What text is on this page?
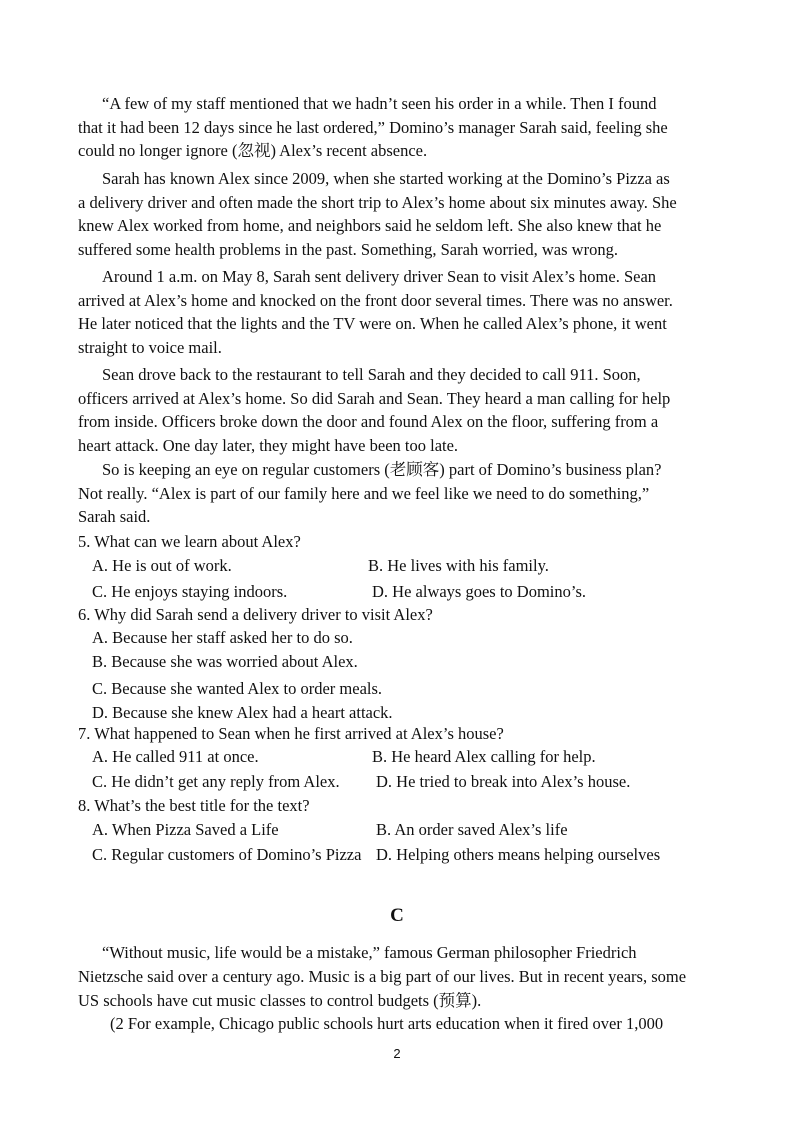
“A few of my staff mentioned that we hadn’t seen his order in a while. Then I found
that it had been 12 days since he last ordered,” Domino’s manager Sarah said, feeling she
could no longer ignore (忽视) Alex’s recent absence.
Sarah has known Alex since 2009, when she started working at the Domino’s Pizza as
a delivery driver and often made the short trip to Alex’s home about six minutes away. She
knew Alex worked from home, and neighbors said he seldom left. She also knew that he
suffered some health problems in the past. Something, Sarah worried, was wrong.
Around 1 a.m. on May 8, Sarah sent delivery driver Sean to visit Alex’s home. Sean
arrived at Alex’s home and knocked on the front door several times. There was no answer.
He later noticed that the lights and the TV were on. When he called Alex’s phone, it went
straight to voice mail.
Sean drove back to the restaurant to tell Sarah and they decided to call 911. Soon,
officers arrived at Alex’s home. So did Sarah and Sean. They heard a man calling for help
from inside. Officers broke down the door and found Alex on the floor, suffering from a
heart attack. One day later, they might have been too late.
So is keeping an eye on regular customers (老顾客) part of Domino’s business plan?
Not really. “Alex is part of our family here and we feel like we need to do something,”
Sarah said.
5. What can we learn about Alex?
A. He is out of work.	B. He lives with his family.
C. He enjoys staying indoors.	D. He always goes to Domino’s.
6. Why did Sarah send a delivery driver to visit Alex?
A. Because her staff asked her to do so.
B. Because she was worried about Alex.
C. Because she wanted Alex to order meals.
D. Because she knew Alex had a heart attack.
7. What happened to Sean when he first arrived at Alex’s house?
A. He called 911 at once.	B. He heard Alex calling for help.
C. He didn’t get any reply from Alex. D. He tried to break into Alex’s house.
8. What’s the best title for the text?
A. When Pizza Saved a Life	B. An order saved Alex’s life
C. Regular customers of Domino’s Pizza D. Helping others means helping ourselves
C
“Without music, life would be a mistake,” famous German philosopher Friedrich
Nietzsche said over a century ago. Music is a big part of our lives. But in recent years, some
US schools have cut music classes to control budgets (预算).
(2 For example, Chicago public schools hurt arts education when it fired over 1,000
2
